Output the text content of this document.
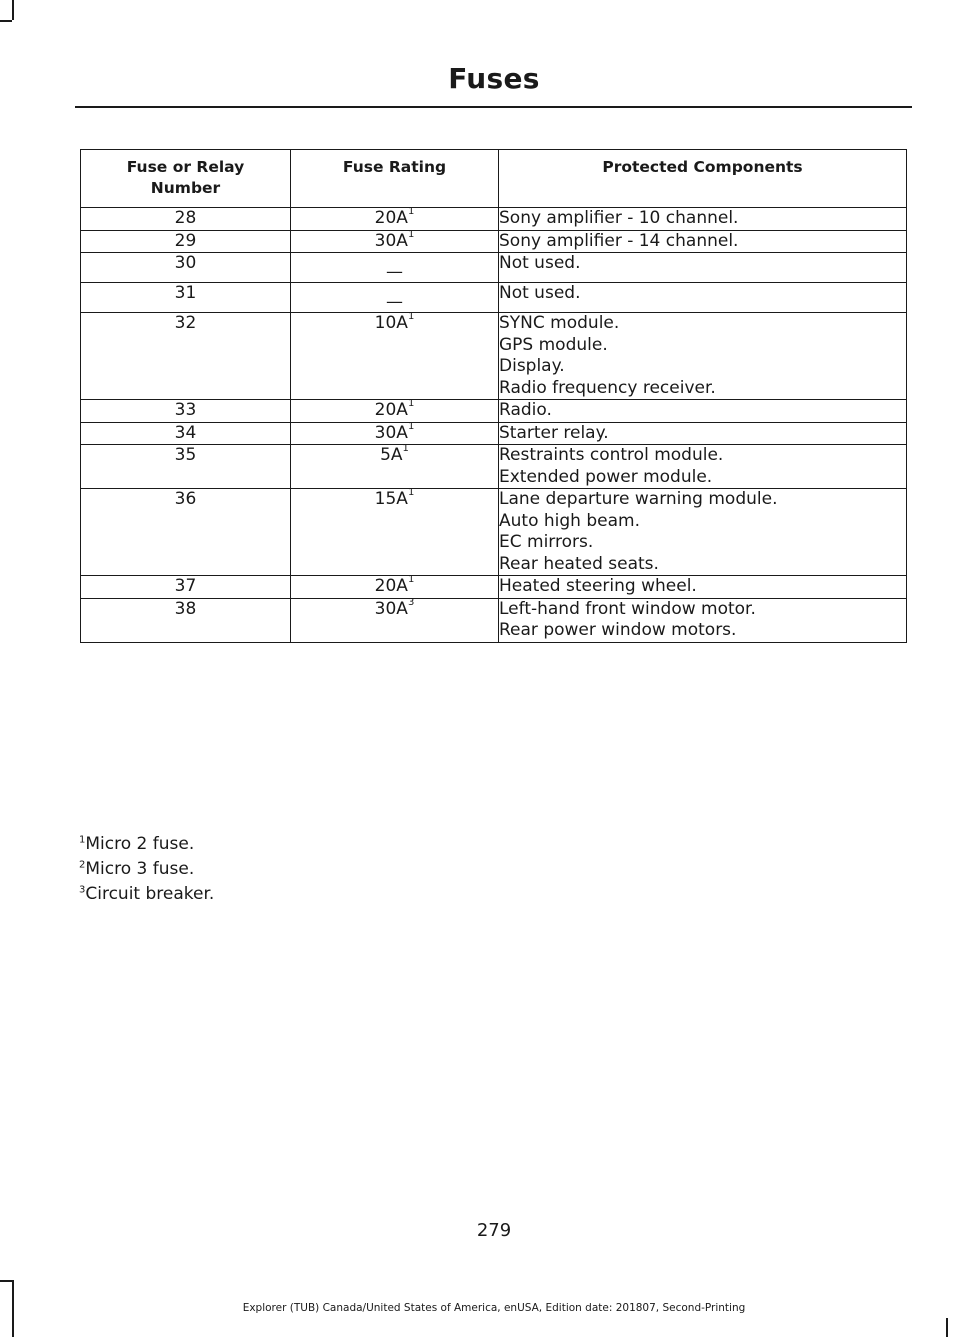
Fuses
Fuse or Relay Number	Fuse Rating	Protected Components
28	$20A^1$	Sony amplifier - 10 channel.

29	$30A^1$	Sony amplifier - 14 channel.

30	—	Not used.

31	—	Not used.

32	$10A^1$	SYNC module.
GPS module.
Display.
Radio frequency receiver.

33	$20A^1$	Radio.

34	$30A^1$	Starter relay.

35	$5A^1$	Restraints control module.
Extended power module.

36	$15A^1$	Lane departure warning module.
Auto high beam.
EC mirrors.
Rear heated seats.

37	$20A^1$	Heated steering wheel.

38	$30A^3$	Left-hand front window motor.
Rear power window motors.
$^1$Micro 2 fuse.
$^2$Micro 3 fuse.
$^3$Circuit breaker.
279
Explorer (TUB) Canada/United States of America, enUSA, Edition date: 201807, Second-Printing
